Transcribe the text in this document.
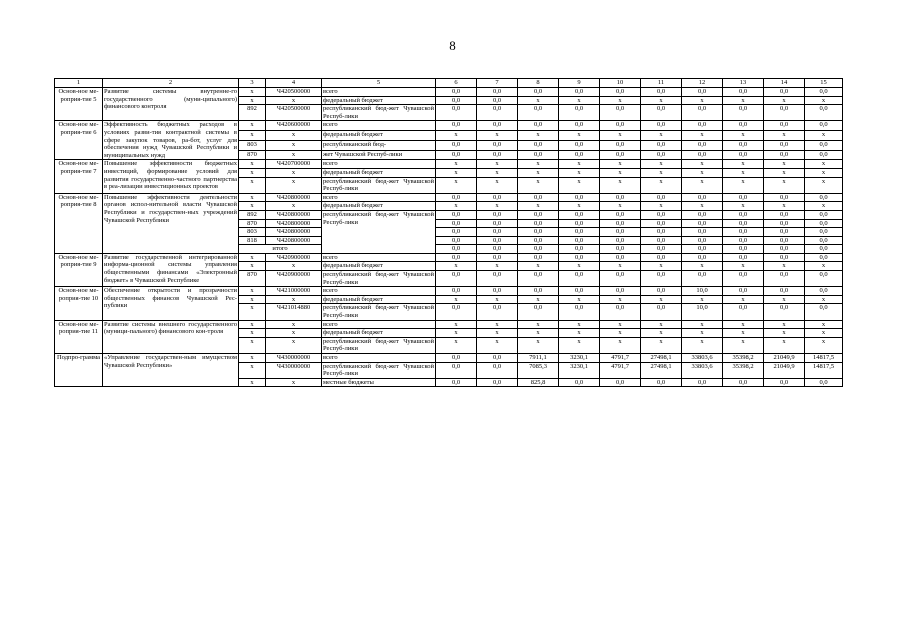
8
1	2	3	4	5	6	7	8	9	10	11	12	13	14	15
Основ-ное ме-роприя-тие 5	Развитие системы внутренне-го государственного (муни-ципального) финансового контроля	х	Ч420500000	всего	0,0	0,0	0,0	0,0	0,0	0,0	0,0	0,0	0,0	0,0
		х	х	федеральный бюджет	0,0	0,0	х	х	х	х	х	х	х	х
		892	Ч420500000	республиканский бюд-жет Чувашской Респуб-лики	0,0	0,0	0,0	0,0	0,0	0,0	0,0	0,0	0,0	0,0
Основ-ное ме-роприя-тие 6	Эффективность бюджетных расходов в условиях разви-тия контрактной системы в сфере закупок товаров, ра-бот, услуг для обеспечения нужд Чувашской Республики и муниципальных нужд	х	Ч420600000	всего	0,0	0,0	0,0	0,0	0,0	0,0	0,0	0,0	0,0	0,0
		х	х	федеральный бюджет	х	х	х	х	х	х	х	х	х	х
		803	х	республиканский бюд-	0,0	0,0	0,0	0,0	0,0	0,0	0,0	0,0	0,0	0,0
		870	х	жет Чувашской Респуб-лики	0,0	0,0	0,0	0,0	0,0	0,0	0,0	0,0	0,0	0,0
Основ-ное ме-роприя-тие 7	Повышение эффективности бюджетных инвестиций, формирование условий для развития государственно-частного партнерства в реа-лизации инвестиционных проектов	х	Ч420700000	всего	х	х	х	х	х	х	х	х	х	х
		х	х	федеральный бюджет	х	х	х	х	х	х	х	х	х	х
		х	х	республиканский бюд-жет Чувашской Респуб-лики	х	х	х	х	х	х	х	х	х	х
Основ-ное ме-роприя-тие 8	Повышение эффективности деятельности органов испол-нительной власти Чувашской Республики и государствен-ных учреждений Чувашской Республики	х	Ч420800000	всего	0,0	0,0	0,0	0,0	0,0	0,0	0,0	0,0	0,0	0,0
		х	х	федеральный бюджет	х	х	х	х	х	х	х	х	х	х
		892	Ч420800000	республиканский бюд-жет Чувашской Респуб-лики	0,0	0,0	0,0	0,0	0,0	0,0	0,0	0,0	0,0	0,0
		870	Ч420800000		0,0	0,0	0,0	0,0	0,0	0,0	0,0	0,0	0,0	0,0
		803	Ч420800000		0,0	0,0	0,0	0,0	0,0	0,0	0,0	0,0	0,0	0,0
		818	Ч420800000		0,0	0,0	0,0	0,0	0,0	0,0	0,0	0,0	0,0	0,0
		итого			0,0	0,0	0,0	0,0	0,0	0,0	0,0	0,0	0,0	0,0
Основ-ное ме-роприя-тие 9	Развитие государственной интегрированной информа-ционной системы управления общественными финансами «Электронный бюджет» в Чувашской Республике	х	Ч420900000	всего	0,0	0,0	0,0	0,0	0,0	0,0	0,0	0,0	0,0	0,0
		х	х	федеральный бюджет	х	х	х	х	х	х	х	х	х	х
		870	Ч420900000	республиканский бюд-жет Чувашской Респуб-лики	0,0	0,0	0,0	0,0	0,0	0,0	0,0	0,0	0,0	0,0
Основ-ное ме-роприя-тие 10	Обеспечение открытости и прозрачности общественных финансов Чувашской Рес-публики	х	Ч421000000	всего	0,0	0,0	0,0	0,0	0,0	0,0	10,0	0,0	0,0	0,0
		х	х	федеральный бюджет	х	х	х	х	х	х	х	х	х	х
		х	Ч421014880	республиканский бюд-жет Чувашской Респуб-лики	0,0	0,0	0,0	0,0	0,0	0,0	10,0	0,0	0,0	0,0
Основ-ное ме-роприя-тие 11	Развитие системы внешнего государственного (муници-пального) финансового кон-троля	х	х	всего	х	х	х	х	х	х	х	х	х	х
		х	х	федеральный бюджет	х	х	х	х	х	х	х	х	х	х
		х	х	республиканский бюд-жет Чувашской Респуб-лики	х	х	х	х	х	х	х	х	х	х
Подпро-грамма	«Управление государствен-ным имуществом Чувашской Республики»	х	Ч430000000	всего	0,0	0,0	7911,1	3230,1	4791,7	27498,1	33803,6	35398,2	21049,9	14817,5
		х	Ч430000000	республиканский бюд-жет Чувашской Респуб-лики	0,0	0,0	7085,3	3230,1	4791,7	27498,1	33803,6	35398,2	21049,9	14817,5
		х	х	местные бюджеты	0,0	0,0	825,8	0,0	0,0	0,0	0,0	0,0	0,0	0,0
